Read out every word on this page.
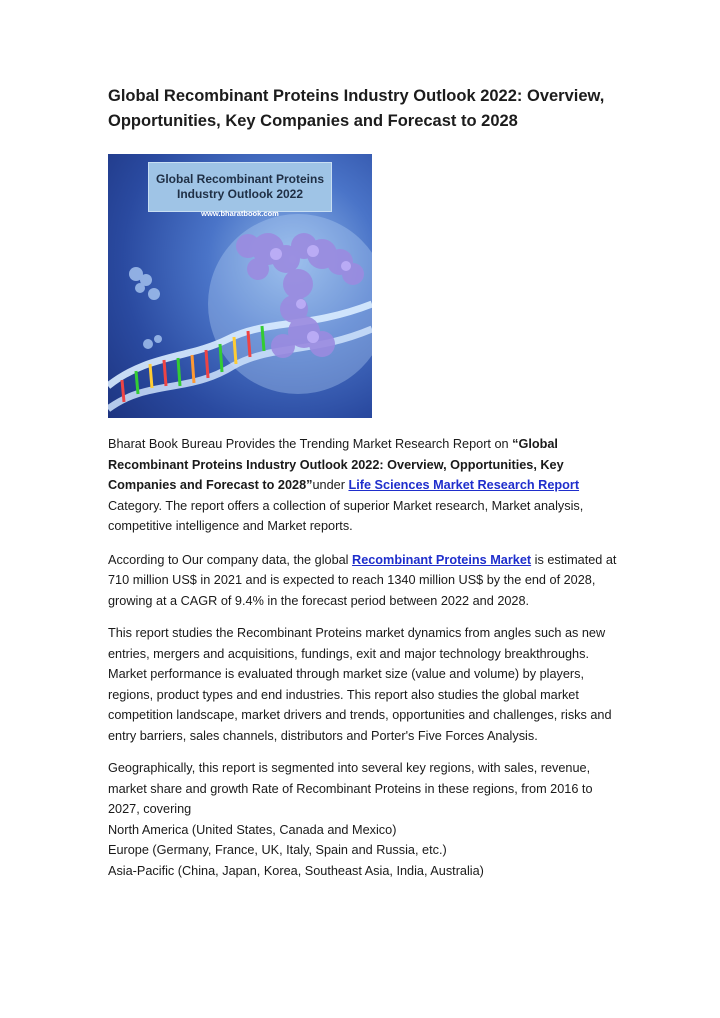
Global Recombinant Proteins Industry Outlook 2022: Overview, Opportunities, Key Companies and Forecast to 2028
Global Recombinant Proteins
Industry Outlook 2022
www.bharatbook.com

Bharat Book Bureau Provides the Trending Market Research Report on “Global Recombinant Proteins Industry Outlook 2022: Overview, Opportunities, Key Companies and Forecast to 2028”under Life Sciences Market Research Report Category. The report offers a collection of superior Market research, Market analysis, competitive intelligence and Market reports.

According to Our company data, the global Recombinant Proteins Market is estimated at 710 million US$ in 2021 and is expected to reach 1340 million US$ by the end of 2028, growing at a CAGR of 9.4% in the forecast period between 2022 and 2028.

This report studies the Recombinant Proteins market dynamics from angles such as new entries, mergers and acquisitions, fundings, exit and major technology breakthroughs. Market performance is evaluated through market size (value and volume) by players, regions, product types and end industries. This report also studies the global market competition landscape, market drivers and trends, opportunities and challenges, risks and entry barriers, sales channels, distributors and Porter's Five Forces Analysis.

Geographically, this report is segmented into several key regions, with sales, revenue, market share and growth Rate of Recombinant Proteins in these regions, from 2016 to 2027, covering
North America (United States, Canada and Mexico)
Europe (Germany, France, UK, Italy, Spain and Russia, etc.)
Asia-Pacific (China, Japan, Korea, Southeast Asia, India, Australia)
